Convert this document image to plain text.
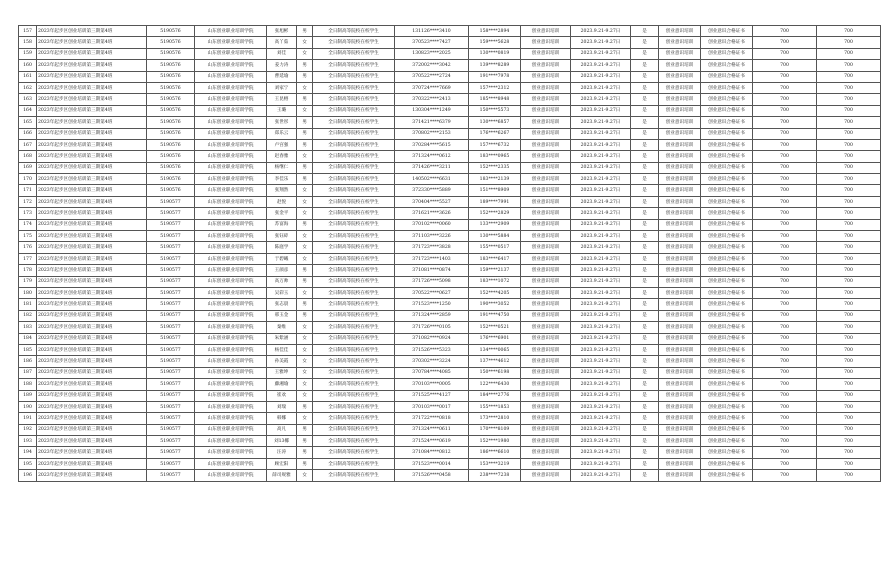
157	2023年起步区创业培训第三期第4班	5190576	山东创业职业培训学院	张旭彬	男	全日制高等院校在校学生	131126****3410	158****2894	创业意识培训	2023.9.21-9.27日	是	创业意识培训	创业意识合格证书	700	700
158	2023年起步区创业培训第三期第4班	5190576	山东创业职业培训学院	高丫茹	女	全日制高等院校在校学生	370523****7427	159****5628	创业意识培训	2023.9.21-9.27日	是	创业意识培训	创业意识合格证书	700	700
159	2023年起步区创业培训第三期第4班	5190576	山东创业职业培训学院	刘佳	女	全日制高等院校在校学生	130823****2025	130****0819	创业意识培训	2023.9.21-9.27日	是	创业意识培训	创业意识合格证书	700	700
160	2023年起步区创业培训第三期第4班	5190576	山东创业职业培训学院	姜力涛	男	全日制高等院校在校学生	372002****3042	139****8289	创业意识培训	2023.9.21-9.27日	是	创业意识培训	创业意识合格证书	700	700
161	2023年起步区创业培训第三期第4班	5190576	山东创业职业培训学院	曹延瑜	男	全日制高等院校在校学生	370522****2724	191****7978	创业意识培训	2023.9.21-9.27日	是	创业意识培训	创业意识合格证书	700	700
162	2023年起步区创业培训第三期第4班	5190576	山东创业职业培训学院	刘家宁	女	全日制高等院校在校学生	370724****7669	157****2312	创业意识培训	2023.9.21-9.27日	是	创业意识培训	创业意识合格证书	700	700
163	2023年起步区创业培训第三期第4班	5190576	山东创业职业培训学院	王昆榕	男	全日制高等院校在校学生	370322****2413	185****8948	创业意识培训	2023.9.21-9.27日	是	创业意识培训	创业意识合格证书	700	700
164	2023年起步区创业培训第三期第4班	5190576	山东创业职业培训学院	王璐	女	全日制高等院校在校学生	130304****1249	150****5573	创业意识培训	2023.9.21-9.27日	是	创业意识培训	创业意识合格证书	700	700
165	2023年起步区创业培训第三期第4班	5190576	山东创业职业培训学院	张世彤	男	全日制高等院校在校学生	371421****6379	130****6857	创业意识培训	2023.9.21-9.27日	是	创业意识培训	创业意识合格证书	700	700
166	2023年起步区创业培训第三期第4班	5190576	山东创业职业培训学院	郑乐云	男	全日制高等院校在校学生	370802****2153	176****6267	创业意识培训	2023.9.21-9.27日	是	创业意识培训	创业意识合格证书	700	700
167	2023年起步区创业培训第三期第4班	5190576	山东创业职业培训学院	卢宫强	男	全日制高等院校在校学生	370284****5615	157****6732	创业意识培训	2023.9.21-9.27日	是	创业意识培训	创业意识合格证书	700	700
168	2023年起步区创业培训第三期第4班	5190576	山东创业职业培训学院	赵春雅	女	全日制高等院校在校学生	371324****0612	183****0965	创业意识培训	2023.9.21-9.27日	是	创业意识培训	创业意识合格证书	700	700
169	2023年起步区创业培训第三期第4班	5190576	山东创业职业培训学院	杨继仁	男	全日制高等院校在校学生	371426****3211	152****2335	创业意识培训	2023.9.21-9.27日	是	创业意识培训	创业意识合格证书	700	700
170	2023年起步区创业培训第三期第4班	5190576	山东创业职业培训学院	李佳乐	男	全日制高等院校在校学生	140502****6631	183****2139	创业意识培训	2023.9.21-9.27日	是	创业意识培训	创业意识合格证书	700	700
171	2023年起步区创业培训第三期第4班	5190576	山东创业职业培训学院	张翔然	女	全日制高等院校在校学生	372330****5889	151****8909	创业意识培训	2023.9.21-9.27日	是	创业意识培训	创业意识合格证书	700	700
172	2023年起步区创业培训第三期第4班	5190577	山东创业职业培训学院	赵悦	女	全日制高等院校在校学生	370404****5527	189****7991	创业意识培训	2023.9.21-9.27日	是	创业意识培训	创业意识合格证书	700	700
173	2023年起步区创业培训第三期第4班	5190577	山东创业职业培训学院	张金平	女	全日制高等院校在校学生	371621****3626	152****2829	创业意识培训	2023.9.21-9.27日	是	创业意识培训	创业意识合格证书	700	700
174	2023年起步区创业培训第三期第4班	5190577	山东创业职业培训学院	苏富海	男	全日制高等院校在校学生	370102****0060	133****2909	创业意识培训	2023.9.21-9.27日	是	创业意识培训	创业意识合格证书	700	700
175	2023年起步区创业培训第三期第4班	5190577	山东创业职业培训学院	张钰碎	女	全日制高等院校在校学生	371103****3226	130****5884	创业意识培训	2023.9.21-9.27日	是	创业意识培训	创业意识合格证书	700	700
176	2023年起步区创业培训第三期第4班	5190577	山东创业职业培训学院	陈庭学	女	全日制高等院校在校学生	371723****3828	155****0517	创业意识培训	2023.9.21-9.27日	是	创业意识培训	创业意识合格证书	700	700
177	2023年起步区创业培训第三期第4班	5190577	山东创业职业培训学院	于碧曦	女	全日制高等院校在校学生	371723****1403	183****6417	创业意识培训	2023.9.21-9.27日	是	创业意识培训	创业意识合格证书	700	700
178	2023年起步区创业培训第三期第4班	5190577	山东创业职业培训学院	王颜彦	男	全日制高等院校在校学生	371081****0874	159****2137	创业意识培训	2023.9.21-9.27日	是	创业意识培训	创业意识合格证书	700	700
179	2023年起步区创业培训第三期第4班	5190577	山东创业职业培训学院	高万帅	男	全日制高等院校在校学生	371726****5098	183****1072	创业意识培训	2023.9.21-9.27日	是	创业意识培训	创业意识合格证书	700	700
180	2023年起步区创业培训第三期第4班	5190577	山东创业职业培训学院	吴彩玉	女	全日制高等院校在校学生	370522****0627	152****4205	创业意识培训	2023.9.21-9.27日	是	创业意识培训	创业意识合格证书	700	700
181	2023年起步区创业培训第三期第4班	5190577	山东创业职业培训学院	张志晨	男	全日制高等院校在校学生	371523****1250	190****3052	创业意识培训	2023.9.21-9.27日	是	创业意识培训	创业意识合格证书	700	700
182	2023年起步区创业培训第三期第4班	5190577	山东创业职业培训学院	邢玉金	男	全日制高等院校在校学生	371324****2859	191****4750	创业意识培训	2023.9.21-9.27日	是	创业意识培训	创业意识合格证书	700	700
183	2023年起步区创业培训第三期第4班	5190577	山东创业职业培训学院	秦维	女	全日制高等院校在校学生	371726****0105	152****0521	创业意识培训	2023.9.21-9.27日	是	创业意识培训	创业意识合格证书	700	700
184	2023年起步区创业培训第三期第4班	5190577	山东创业职业培训学院	朱紫涵	女	全日制高等院校在校学生	371082****0924	176****6901	创业意识培训	2023.9.21-9.27日	是	创业意识培训	创业意识合格证书	700	700
185	2023年起步区创业培训第三期第4班	5190577	山东创业职业培训学院	杨佳佳	女	全日制高等院校在校学生	371526****5323	134****0065	创业意识培训	2023.9.21-9.27日	是	创业意识培训	创业意识合格证书	700	700
186	2023年起步区创业培训第三期第4班	5190577	山东创业职业培训学院	孙美霞	女	全日制高等院校在校学生	370302****3224	137****4612	创业意识培训	2023.9.21-9.27日	是	创业意识培训	创业意识合格证书	700	700
187	2023年起步区创业培训第三期第4班	5190577	山东创业职业培训学院	王雅坤	女	全日制高等院校在校学生	370784****4085	150****6198	创业意识培训	2023.9.21-9.27日	是	创业意识培训	创业意识合格证书	700	700
188	2023年起步区创业培训第三期第4班	5190577	山东创业职业培训学院	藤湘瑜	女	全日制高等院校在校学生	370103****0005	122****6430	创业意识培训	2023.9.21-9.27日	是	创业意识培训	创业意识合格证书	700	700
189	2023年起步区创业培训第三期第4班	5190577	山东创业职业培训学院	崔欢	女	全日制高等院校在校学生	371525****4127	184****2776	创业意识培训	2023.9.21-9.27日	是	创业意识培训	创业意识合格证书	700	700
190	2023年起步区创业培训第三期第4班	5190577	山东创业职业培训学院	刘瑞	男	全日制高等院校在校学生	370103****0017	155****1853	创业意识培训	2023.9.21-9.27日	是	创业意识培训	创业意识合格证书	700	700
191	2023年起步区创业培训第三期第4班	5190577	山东创业职业培训学院	韩娜	女	全日制高等院校在校学生	371722****0818	173****2810	创业意识培训	2023.9.21-9.27日	是	创业意识培训	创业意识合格证书	700	700
192	2023年起步区创业培训第三期第4班	5190577	山东创业职业培训学院	高凡	男	全日制高等院校在校学生	371324****0611	170****8109	创业意识培训	2023.9.21-9.27日	是	创业意识培训	创业意识合格证书	700	700
193	2023年起步区创业培训第三期第4班	5190577	山东创业职业培训学院	刘13椰	男	全日制高等院校在校学生	371524****0619	152****1980	创业意识培训	2023.9.21-9.27日	是	创业意识培训	创业意识合格证书	700	700
194	2023年起步区创业培训第三期第4班	5190577	山东创业职业培训学院	汪涛	男	全日制高等院校在校学生	371084****0812	186****6610	创业意识培训	2023.9.21-9.27日	是	创业意识培训	创业意识合格证书	700	700
195	2023年起步区创业培训第三期第4班	5190577	山东创业职业培训学院	顾宏阳	男	全日制高等院校在校学生	371523****0014	153****3219	创业意识培训	2023.9.21-9.27日	是	创业意识培训	创业意识合格证书	700	700
196	2023年起步区创业培训第三期第4班	5190577	山东创业职业培训学院	薛司规雅	女	全日制高等院校在校学生	371526****0458	238****7238	创业意识培训	2023.9.21-9.27日	是	创业意识培训	创业意识合格证书	700	700
